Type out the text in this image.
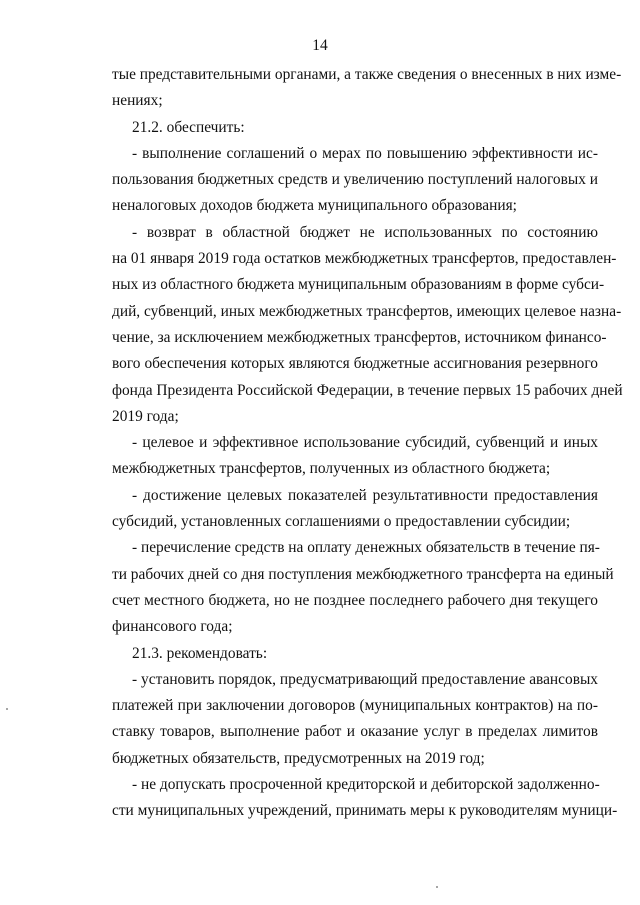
14
тые представительными органами, а также сведения о внесенных в них изме-
нениях;
21.2. обеспечить:
- выполнение соглашений о мерах по повышению эффективности ис-
пользования бюджетных средств и увеличению поступлений налоговых и
неналоговых доходов бюджета муниципального образования;
- возврат в областной бюджет не использованных по состоянию
на 01 января 2019 года остатков межбюджетных трансфертов, предоставлен-
ных из областного бюджета муниципальным образованиям в форме субси-
дий, субвенций, иных межбюджетных трансфертов, имеющих целевое назна-
чение, за исключением межбюджетных трансфертов, источником финансо-
вого обеспечения которых являются бюджетные ассигнования резервного
фонда Президента Российской Федерации, в течение первых 15 рабочих дней
2019 года;
- целевое и эффективное использование субсидий, субвенций и иных
межбюджетных трансфертов, полученных из областного бюджета;
- достижение целевых показателей результативности предоставления
субсидий, установленных соглашениями о предоставлении субсидии;
- перечисление средств на оплату денежных обязательств в течение пя-
ти рабочих дней со дня поступления межбюджетного трансферта на единый
счет местного бюджета, но не позднее последнего рабочего дня текущего
финансового года;
21.3. рекомендовать:
- установить порядок, предусматривающий предоставление авансовых
платежей при заключении договоров (муниципальных контрактов) на по-
ставку товаров, выполнение работ и оказание услуг в пределах лимитов
бюджетных обязательств, предусмотренных на 2019 год;
- не допускать просроченной кредиторской и дебиторской задолженно-
сти муниципальных учреждений, принимать меры к руководителям муници-
